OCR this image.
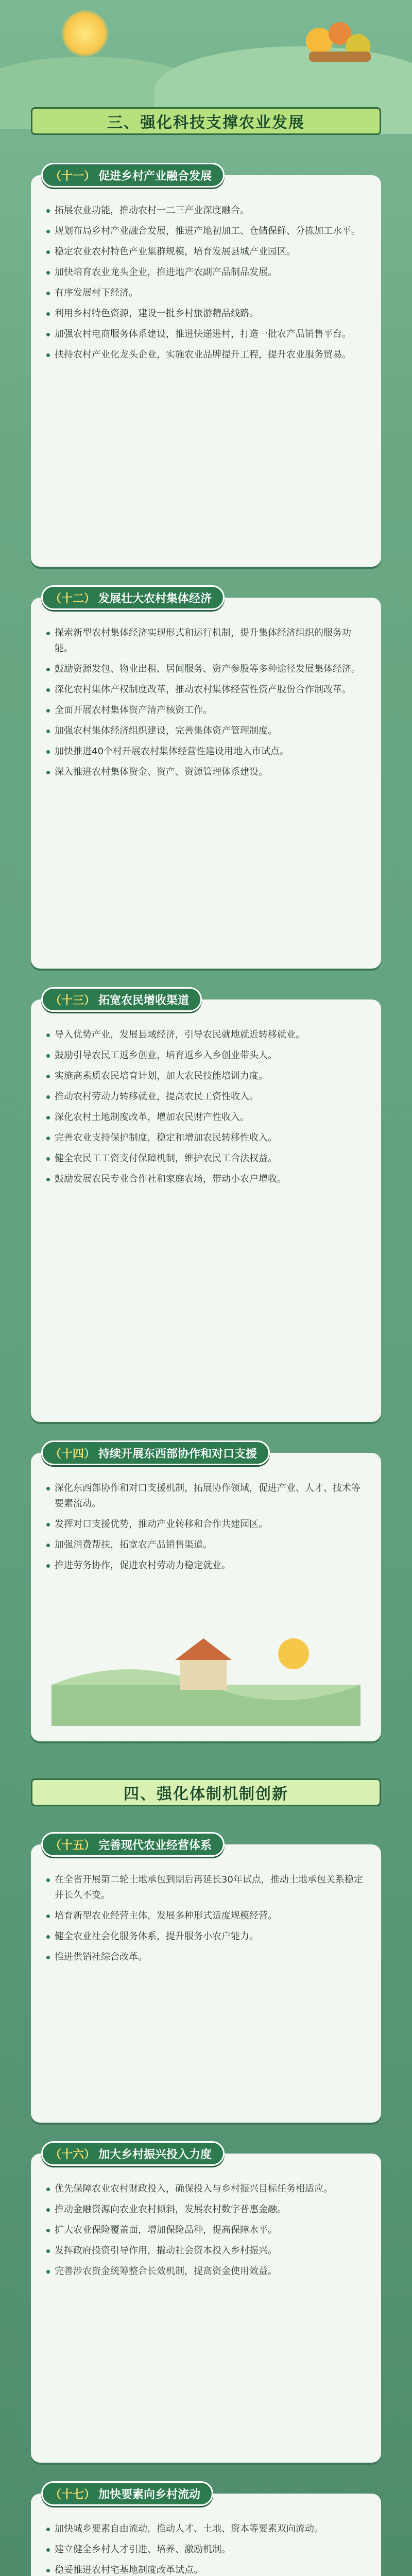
三、强化科技支撑农业发展
（十一） 促进乡村产业融合发展
拓展农业功能，推动农村一二三产业深度融合。
规划布局乡村产业融合发展，推进产地初加工、仓储保鲜、分拣加工水平。
稳定农业农村特色产业集群规模，培育发展县城产业园区。
加快培育农业龙头企业，推进地产农副产品制品发展。
有序发展村下经济。
利用乡村特色资源，建设一批乡村旅游精品线路。
加强农村电商服务体系建设，推进快递进村，打造一批农产品销售平台。
扶持农村产业化龙头企业，实施农业品牌提升工程，提升农业服务贸易。
（十二） 发展壮大农村集体经济
探索新型农村集体经济实现形式和运行机制，提升集体经济组织的服务功能。
鼓励资源发包、物业出租、居间服务、资产参股等多种途径发展集体经济。
深化农村集体产权制度改革，推动农村集体经营性资产股份合作制改革。
全面开展农村集体资产清产核资工作。
加强农村集体经济组织建设，完善集体资产管理制度。
加快推进40个村开展农村集体经营性建设用地入市试点。
深入推进农村集体资金、资产、资源管理体系建设。
（十三） 拓宽农民增收渠道
导入优势产业，发展县域经济，引导农民就地就近转移就业。
鼓励引导农民工返乡创业，培育返乡入乡创业带头人。
实施高素质农民培育计划，加大农民技能培训力度。
推动农村劳动力转移就业，提高农民工资性收入。
深化农村土地制度改革，增加农民财产性收入。
完善农业支持保护制度，稳定和增加农民转移性收入。
健全农民工工资支付保障机制，维护农民工合法权益。
鼓励发展农民专业合作社和家庭农场，带动小农户增收。
（十四） 持续开展东西部协作和对口支援
深化东西部协作和对口支援机制，拓展协作领域，促进产业、人才、技术等要素流动。
发挥对口支援优势，推动产业转移和合作共建园区。
加强消费帮扶，拓宽农产品销售渠道。
推进劳务协作，促进农村劳动力稳定就业。
四、强化体制机制创新
（十五） 完善现代农业经营体系
在全省开展第二轮土地承包到期后再延长30年试点，推动土地承包关系稳定并长久不变。
培育新型农业经营主体，发展多种形式适度规模经营。
健全农业社会化服务体系，提升服务小农户能力。
推进供销社综合改革。
（十六） 加大乡村振兴投入力度
优先保障农业农村财政投入，确保投入与乡村振兴目标任务相适应。
推动金融资源向农业农村倾斜，发展农村数字普惠金融。
扩大农业保险覆盖面，增加保险品种，提高保障水平。
发挥政府投资引导作用，撬动社会资本投入乡村振兴。
完善涉农资金统筹整合长效机制，提高资金使用效益。
（十七） 加快要素向乡村流动
加快城乡要素自由流动，推动人才、土地、资本等要素双向流动。
建立健全乡村人才引进、培养、激励机制。
稳妥推进农村宅基地制度改革试点。
